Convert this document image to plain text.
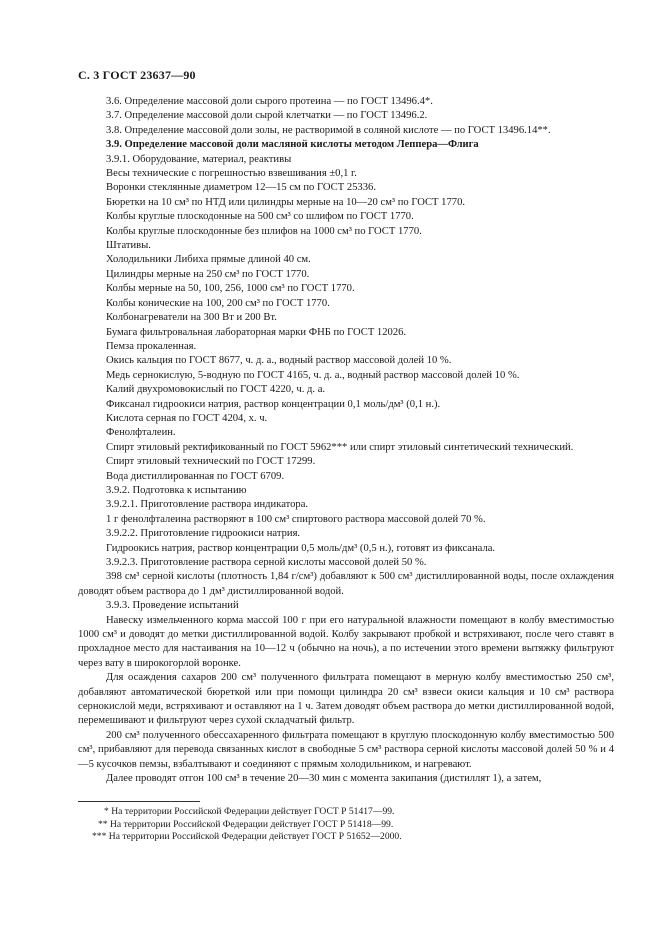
С. 3 ГОСТ 23637—90

3.6. Определение массовой доли сырого протеина — по ГОСТ 13496.4*.

3.7. Определение массовой доли сырой клетчатки — по ГОСТ 13496.2.

3.8. Определение массовой доли золы, не растворимой в соляной кислоте — по ГОСТ 13496.14**.

3.9. Определение массовой доли масляной кислоты методом Леппера—Флига

3.9.1. Оборудование, материал, реактивы

Весы технические с погрешностью взвешивания ±0,1 г.

Воронки стеклянные диаметром 12—15 см по ГОСТ 25336.

Бюретки на 10 см³ по НТД или цилиндры мерные на 10—20 см³ по ГОСТ 1770.

Колбы круглые плоскодонные на 500 см³ со шлифом по ГОСТ 1770.

Колбы круглые плоскодонные без шлифов на 1000 см³ по ГОСТ 1770.

Штативы.

Холодильники Либиха прямые длиной 40 см.

Цилиндры мерные на 250 см³ по ГОСТ 1770.

Колбы мерные на 50, 100, 256, 1000 см³ по ГОСТ 1770.

Колбы конические на 100, 200 см³ по ГОСТ 1770.

Колбонагреватели на 300 Вт и 200 Вт.

Бумага фильтровальная лабораторная марки ФНБ по ГОСТ 12026.

Пемза прокаленная.

Окись кальция по ГОСТ 8677, ч. д. а., водный раствор массовой долей 10 %.

Медь сернокислую, 5-водную по ГОСТ 4165, ч. д. а., водный раствор массовой долей 10 %.

Калий двухромовокислый по ГОСТ 4220, ч. д. а.

Фиксанал гидроокиси натрия, раствор концентрации 0,1 моль/дм³ (0,1 н.).

Кислота серная по ГОСТ 4204, х. ч.

Фенолфталеин.

Спирт этиловый ректификованный по ГОСТ 5962*** или спирт этиловый синтетический технический.

Спирт этиловый технический по ГОСТ 17299.

Вода дистиллированная по ГОСТ 6709.

3.9.2. Подготовка к испытанию

3.9.2.1. Приготовление раствора индикатора.

1 г фенолфталеина растворяют в 100 см³ спиртового раствора массовой долей 70 %.

3.9.2.2. Приготовление гидроокиси натрия.

Гидроокись натрия, раствор концентрации 0,5 моль/дм³ (0,5 н.), готовят из фиксанала.

3.9.2.3. Приготовление раствора серной кислоты массовой долей 50 %.

398 см³ серной кислоты (плотность 1,84 г/см³) добавляют к 500 см³ дистиллированной воды, после охлаждения доводят объем раствора до 1 дм³ дистиллированной водой.

3.9.3. Проведение испытаний

Навеску измельченного корма массой 100 г при его натуральной влажности помещают в колбу вместимостью 1000 см³ и доводят до метки дистиллированной водой. Колбу закрывают пробкой и встряхивают, после чего ставят в прохладное место для настаивания на 10—12 ч (обычно на ночь), а по истечении этого времени вытяжку фильтруют через вату в широкогорлой воронке.

Для осаждения сахаров 200 см³ полученного фильтрата помещают в мерную колбу вместимостью 250 см³, добавляют автоматической бюреткой или при помощи цилиндра 20 см³ взвеси окиси кальция и 10 см³ раствора сернокислой меди, встряхивают и оставляют на 1 ч. Затем доводят объем раствора до метки дистиллированной водой, перемешивают и фильтруют через сухой складчатый фильтр.

200 см³ полученного обессахаренного фильтрата помещают в круглую плоскодонную колбу вместимостью 500 см³, прибавляют для перевода связанных кислот в свободные 5 см³ раствора серной кислоты массовой долей 50 % и 4—5 кусочков пемзы, взбалтывают и соединяют с прямым холодильником, и нагревают.

Далее проводят отгон 100 см³ в течение 20—30 мин с момента закипания (дистиллят 1), а затем,

* На территории Российской Федерации действует ГОСТ Р 51417—99.

** На территории Российской Федерации действует ГОСТ Р 51418—99.

*** На территории Российской Федерации действует ГОСТ Р 51652—2000.
